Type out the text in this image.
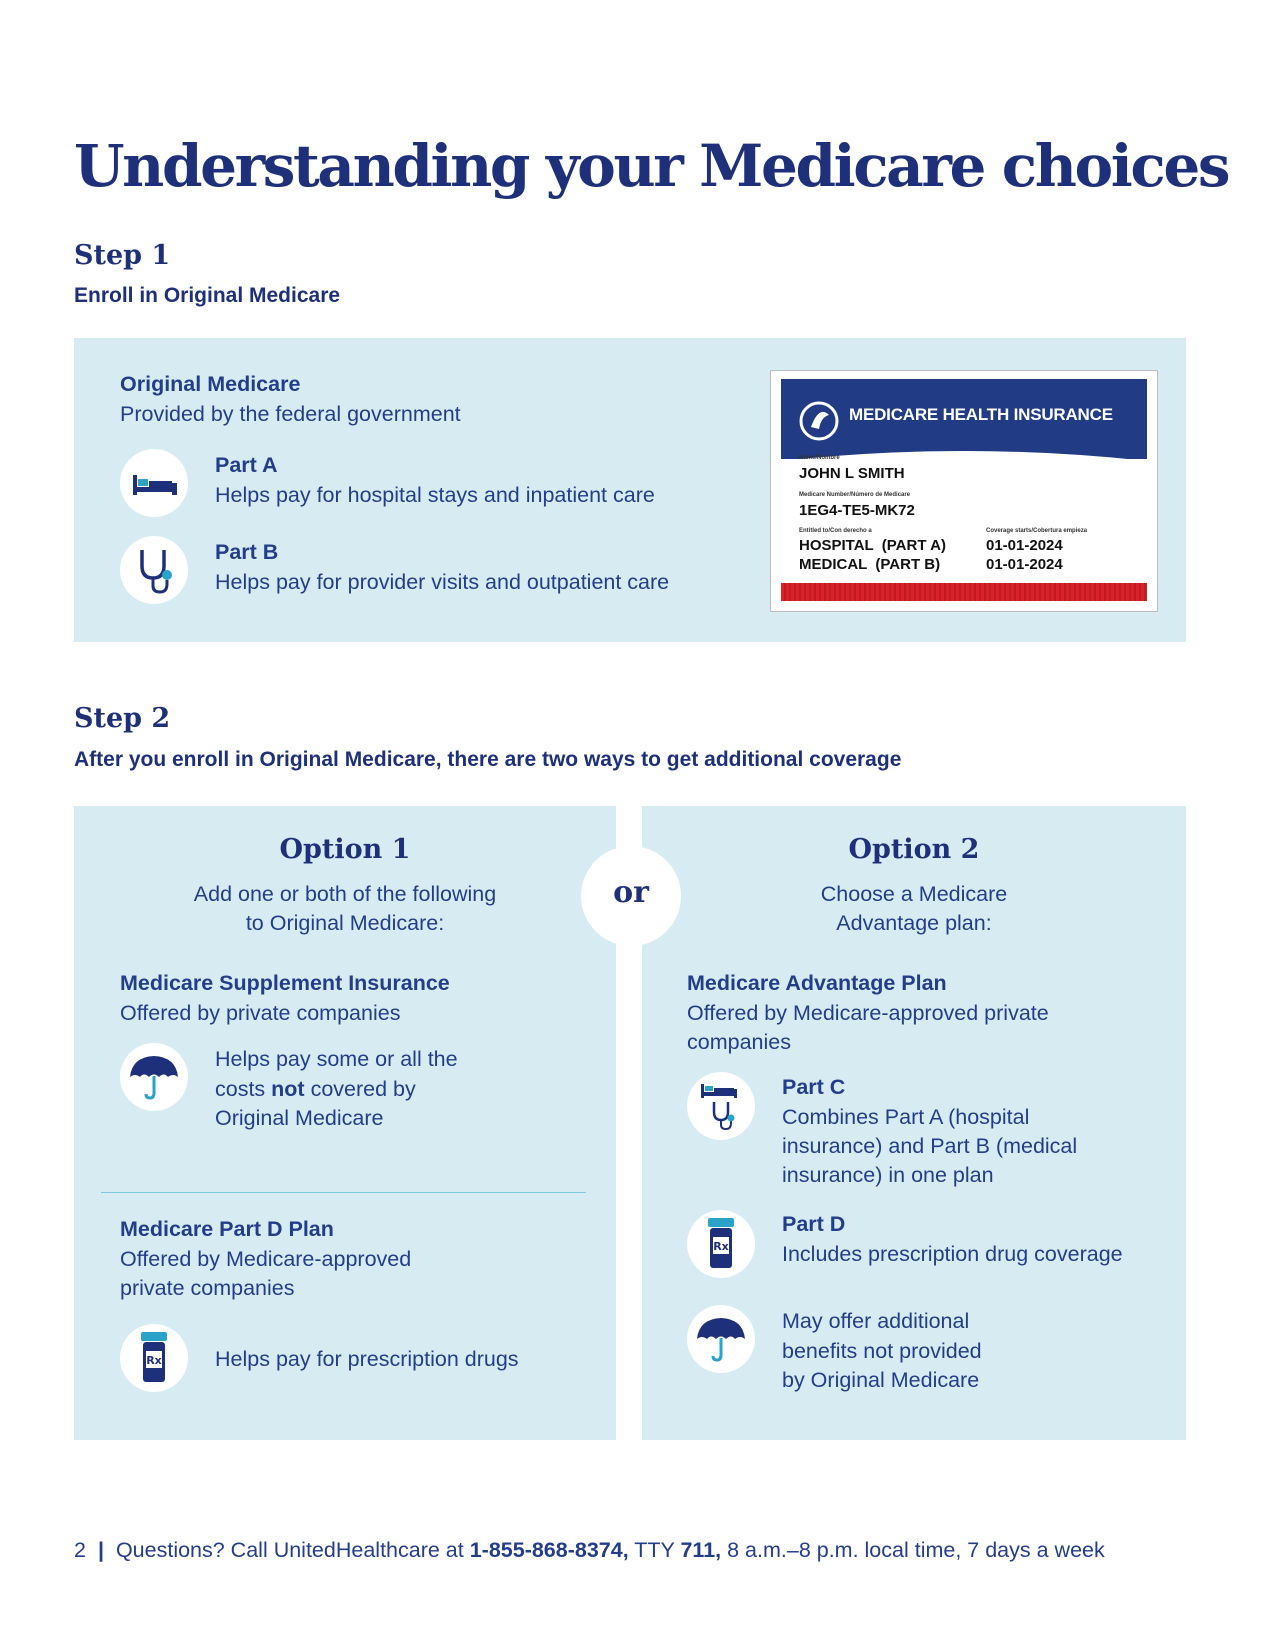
Understanding your Medicare choices
Step 1
Enroll in Original Medicare
Original Medicare
Provided by the federal government
Part A
Helps pay for hospital stays and inpatient care
Part B
Helps pay for provider visits and outpatient care
MEDICARE HEALTH INSURANCE
Name/Nombre
JOHN L SMITH
Medicare Number/Número de Medicare
1EG4-TE5-MK72
Entitled to/Con derecho a	Coverage starts/Cobertura empieza
HOSPITAL  (PART A)	01-01-2024
MEDICAL  (PART B)	01-01-2024
Step 2
After you enroll in Original Medicare, there are two ways to get additional coverage
Option 1
Add one or both of the following
to Original Medicare:
Medicare Supplement Insurance
Offered by private companies
Helps pay some or all the
costs not covered by
Original Medicare
Medicare Part D Plan
Offered by Medicare-approved
private companies
Rx Helps pay for prescription drugs
Option 2
Choose a Medicare
Advantage plan:
Medicare Advantage Plan
Offered by Medicare-approved private
companies
Part C
Combines Part A (hospital
insurance) and Part B (medical
insurance) in one plan
Rx
Part D
Includes prescription drug coverage
May offer additional
benefits not provided
by Original Medicare
or
2 | Questions? Call UnitedHealthcare at 1-855-868-8374, TTY 711, 8 a.m.–8 p.m. local time, 7 days a week
